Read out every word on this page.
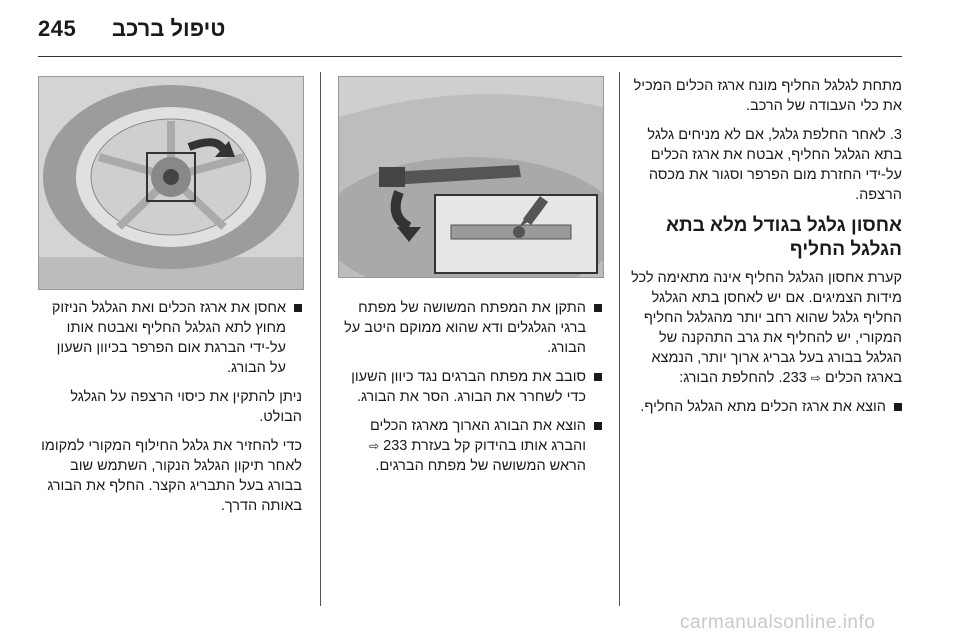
245 טיפול ברכב

מתחת לגלגל החליף מונח ארגז הכלים המכיל את כלי העבודה של הרכב.

3. לאחר החלפת גלגל, אם לא מניחים גלגל בתא הגלגל החליף, אבטח את ארגז הכלים על-ידי החזרת מום הפרפר וסגור את מכסה הרצפה.

אחסון גלגל בגודל מלא בתא הגלגל החליף

קערת אחסון הגלגל החליף אינה מתאימה לכל מידות הצמיגים. אם יש לאחסן בתא הגלגל החליף גלגל שהוא רחב יותר מהגלגל החליף המקורי, יש להחליף את גרב התהקנה של הגלגל בבורג בעל גבריג ארוך יותר, הנמצא בארגז הכלים ⇨ 233. להחלפת הבורג:

הוצא את ארגז הכלים מתא הגלגל החליף.
התקן את המפתח המשושה של מפתח ברגי הגלגלים ודא שהוא ממוקם היטב על הבורג.
סובב את מפתח הברגים נגד כיוון השעון כדי לשחרר את הבורג. הסר את הבורג.
הוצא את הבורג הארוך מארגז הכלים והברג אותו בהידוק קל בעזרת 233 ⇨ הראש המשושה של מפתח הברגים.
אחסן את ארגז הכלים ואת הגלגל הניזוק מחוץ לתא הגלגל החליף ואבטח אותו על-ידי הברגת אום הפרפר בכיוון השעון על הבורג.

ניתן להתקין את כיסוי הרצפה על הגלגל הבולט.

כדי להחזיר את גלגל החילוף המקורי למקומו לאחר תיקון הגלגל הנקור, השתמש שוב בבורג בעל התבריג הקצר. החלף את הבורג באותה הדרך.

carmanualsonline.info
